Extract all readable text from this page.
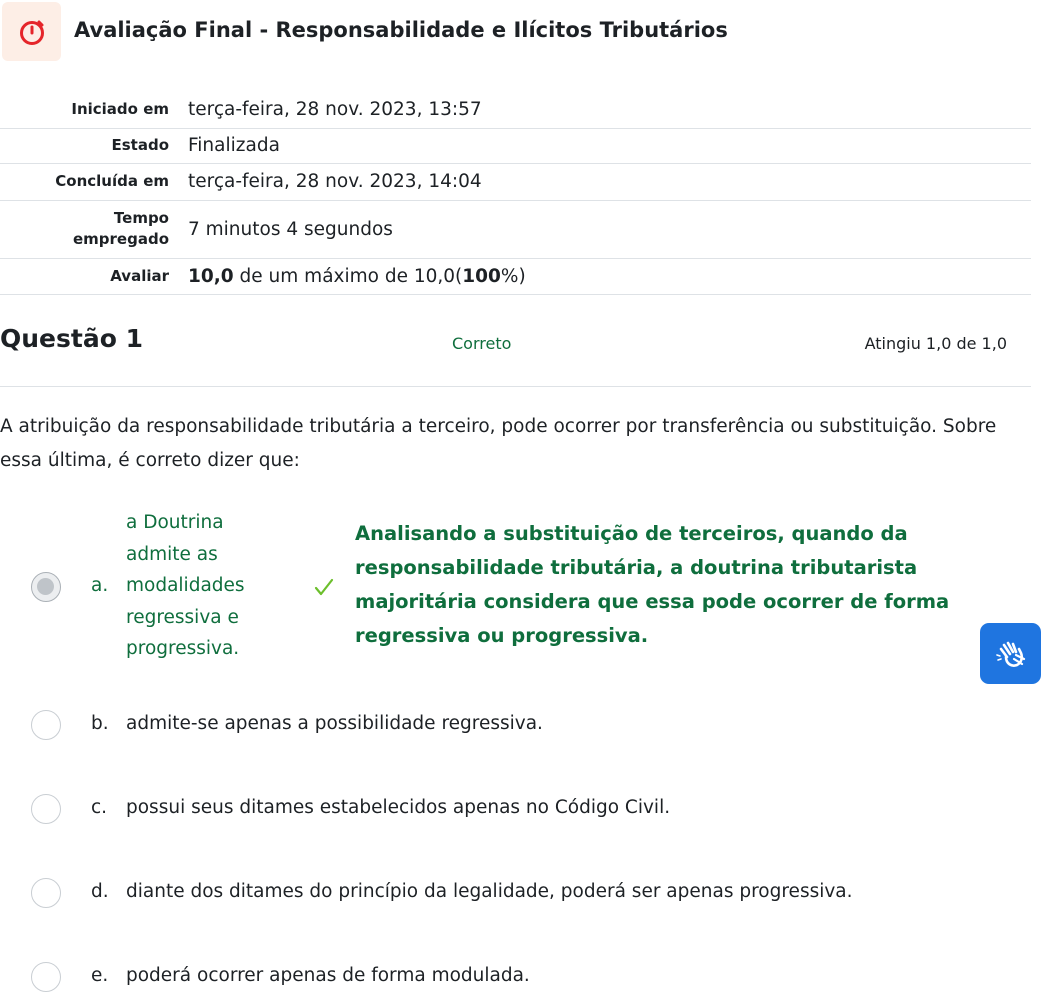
Avaliação Final - Responsabilidade e Ilícitos Tributários
Iniciado em	terça-feira, 28 nov. 2023, 13:57
Estado	Finalizada
Concluída em	terça-feira, 28 nov. 2023, 14:04
Tempo
empregado	7 minutos 4 segundos
Avaliar	10,0 de um máximo de 10,0(100%)
Questão 1	Correto	Atingiu 1,0 de 1,0

A atribuição da responsabilidade tributária a terceiro, pode ocorrer por transferência ou substituição. Sobre essa última, é correto dizer que:

a.
a Doutrina admite as modalidades regressiva e progressiva.
Analisando a substituição de terceiros, quando da responsabilidade tributária, a doutrina tributarista majoritária considera que essa pode ocorrer de forma regressiva ou progressiva.
b. admite-se apenas a possibilidade regressiva.
c. possui seus ditames estabelecidos apenas no Código Civil.
d. diante dos ditames do princípio da legalidade, poderá ser apenas progressiva.
e. poderá ocorrer apenas de forma modulada.
